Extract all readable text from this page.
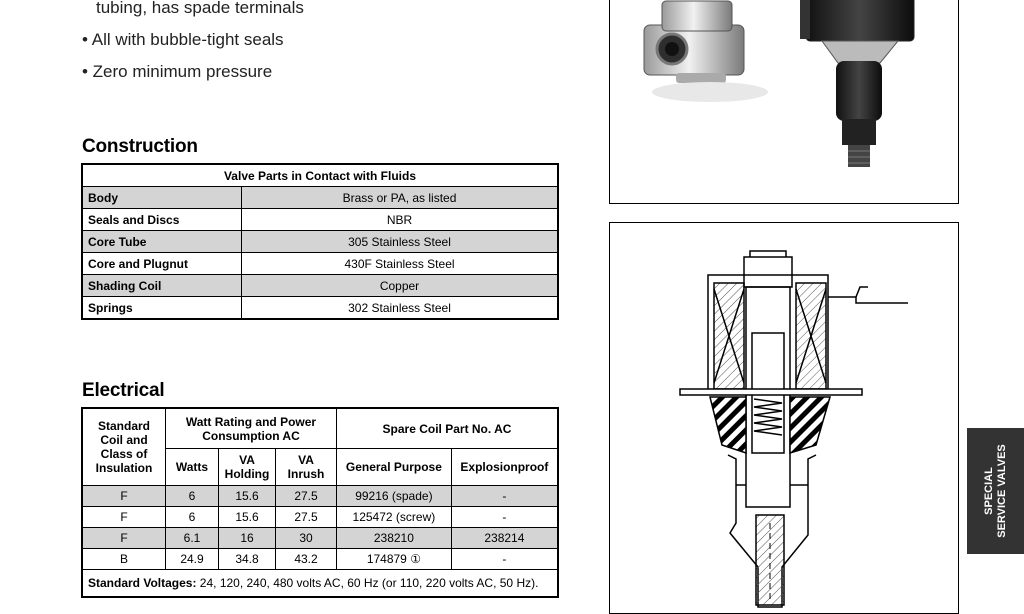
tubing, has spade terminals
• All with bubble-tight seals
• Zero minimum pressure
Construction
Valve Parts in Contact with Fluids	
Body	Brass or PA, as listed
Seals and Discs	NBR
Core Tube	305 Stainless Steel
Core and Plugnut	430F Stainless Steel
Shading Coil	Copper
Springs	302 Stainless Steel
Electrical
Standard Coil and Class of Insulation	Watt Rating and Power Consumption AC			Spare Coil Part No. AC	
	Watts	VA Holding	VA Inrush	General Purpose	Explosionproof
F	6	15.6	27.5	99216 (spade)	-
F	6	15.6	27.5	125472 (screw)	-
F	6.1	16	30	238210	238214
B	24.9	34.8	43.2	174879 ①	-
Standard Voltages: 24, 120, 240, 480 volts AC, 60 Hz (or 110, 220 volts AC, 50 Hz).					
SPECIAL
SERVICE VALVES
